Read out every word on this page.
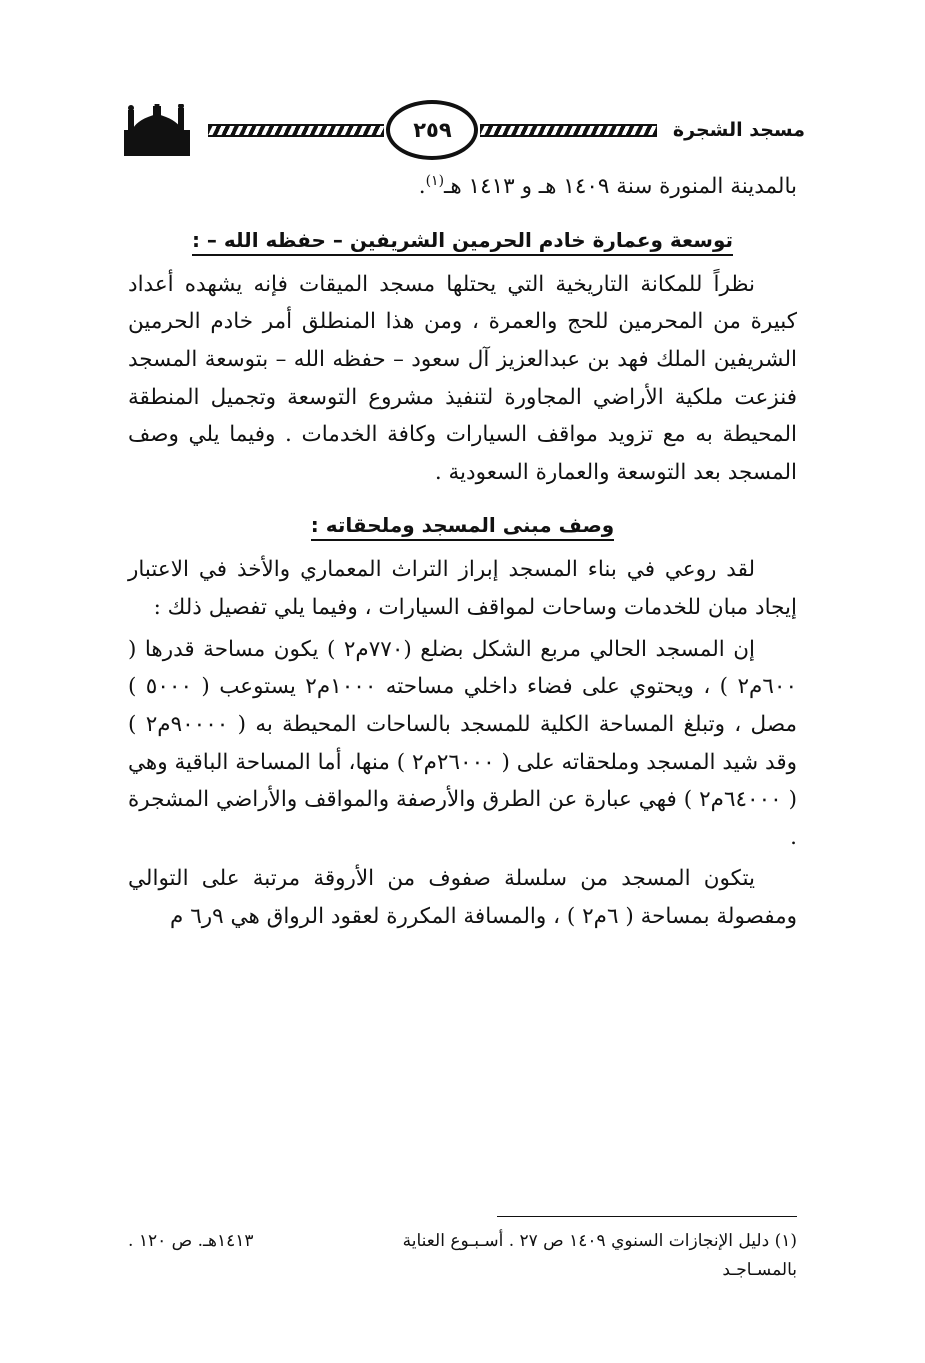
مسجد الشجرة
٢٥٩

بالمدينة المنورة سنة ١٤٠٩ هـ و ١٤١٣ هـ$^{(١)}$.

توسعة وعمارة خادم الحرمين الشريفين – حفظه الله – :

نظراً للمكانة التاريخية التي يحتلها مسجد الميقات فإنه يشهده أعداد كبيرة من المحرمين للحج والعمرة ، ومن هذا المنطلق أمر خادم الحرمين الشريفين الملك فهد بن عبدالعزيز آل سعود – حفظه الله – بتوسعة المسجد فنزعت ملكية الأراضي المجاورة لتنفيذ مشروع التوسعة وتجميل المنطقة المحيطة به مع تزويد مواقف السيارات وكافة الخدمات . وفيما يلي وصف المسجد بعد التوسعة والعمارة السعودية .

وصف مبنى المسجد وملحقاته :

لقد روعي في بناء المسجد إبراز التراث المعماري والأخذ في الاعتبار إيجاد مبان للخدمات وساحات لمواقف السيارات ، وفيما يلي تفصيل ذلك :

إن المسجد الحالي مربع الشكل بضلع (٧٧٠م٢ ) يكون مساحة قدرها ( ٦٠٠م٢ ) ، ويحتوي على فضاء داخلي مساحته ١٠٠٠م٢ يستوعب ( ٥٠٠٠ ) مصل ، وتبلغ المساحة الكلية للمسجد بالساحات المحيطة به ( ٩٠٠٠٠م٢ ) وقد شيد المسجد وملحقاته على ( ٢٦٠٠٠م٢ ) منها، أما المساحة الباقية وهي ( ٦٤٠٠٠م٢ ) فهي عبارة عن الطرق والأرصفة والمواقف والأراضي المشجرة .

يتكون المسجد من سلسلة صفوف من الأروقة مرتبة على التوالي ومفصولة بمساحة ( ٦م٢ ) ، والمسافة المكررة لعقود الرواق هي ٩ر٦ م

(١) دليل الإنجازات السنوي ١٤٠٩ ص ٢٧ . أسـبـوع العناية بالمسـاجـد
١٤١٣هـ. ص ١٢٠ .
